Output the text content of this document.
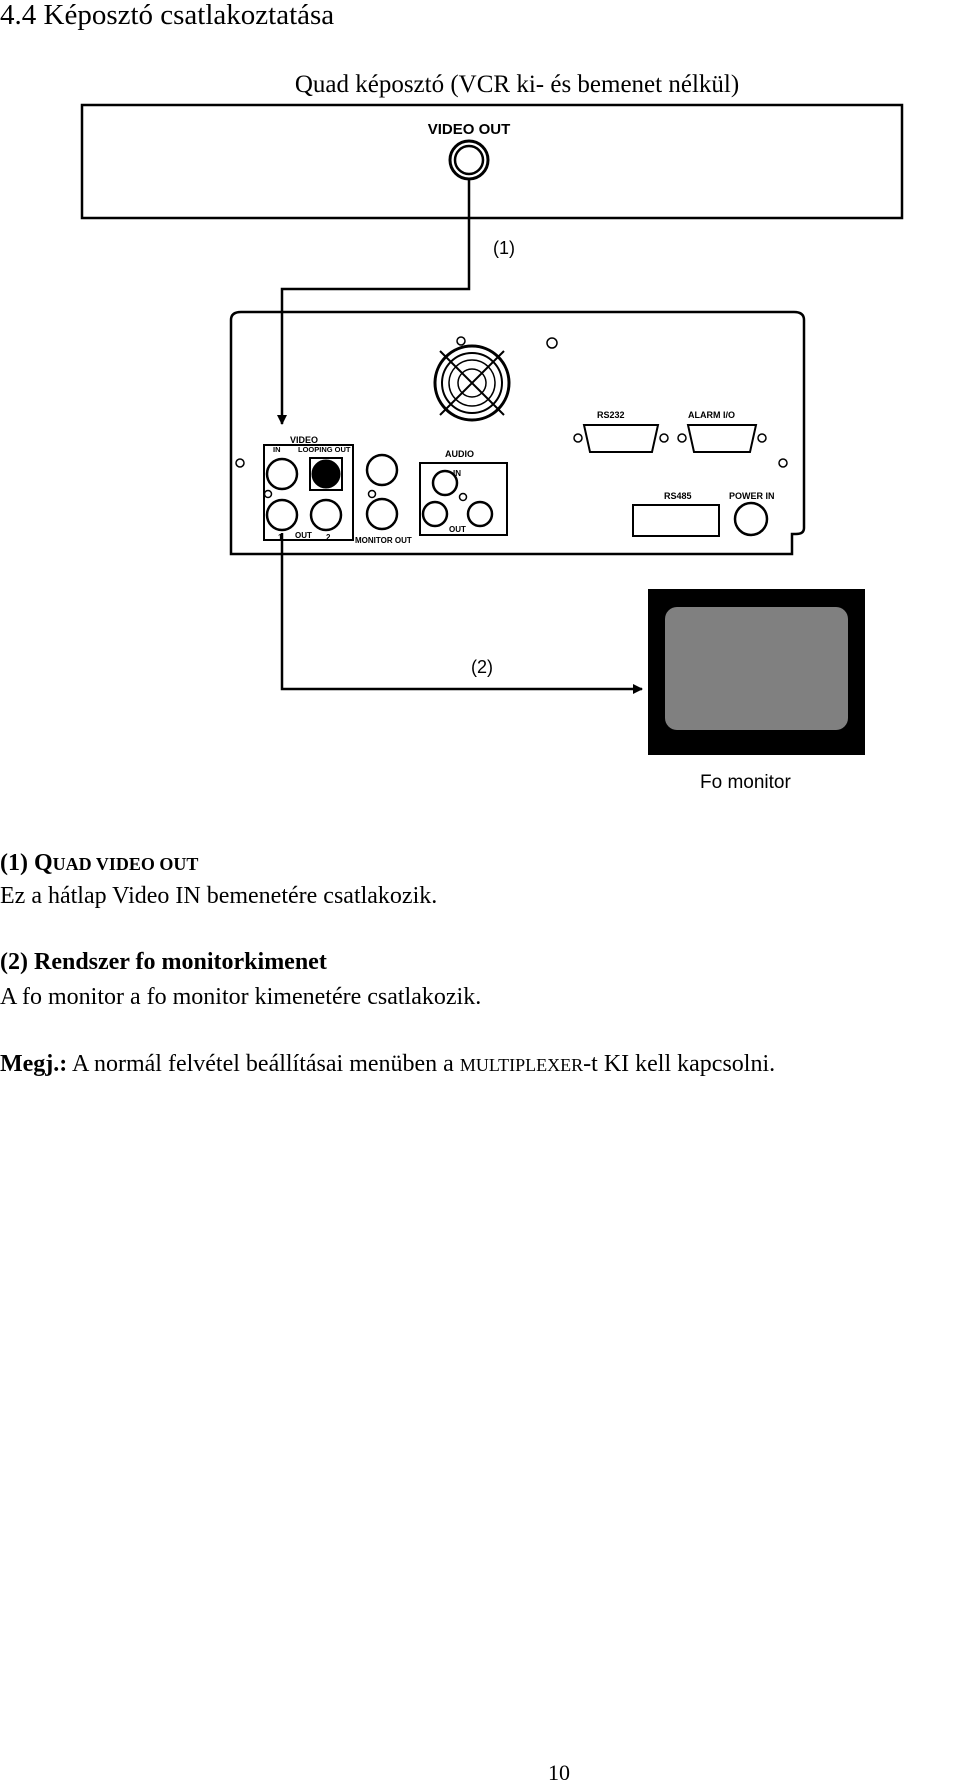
4.4 Képosztó csatlakoztatása
Quad képosztó (VCR ki- és bemenet nélkül)
VIDEO OUT
(1)
VIDEO
IN LOOPING OUT
1 OUT 2	MONITOR OUT
AUDIO
IN
OUT
RS232	ALARM I/O
RS485	POWER IN
(2)
Fo monitor

(1) QUAD VIDEO OUT

Ez a hátlap Video IN bemenetére csatlakozik.

(2) Rendszer fo monitorkimenet

A fo monitor a fo monitor kimenetére csatlakozik.

Megj.: A normál felvétel beállításai menüben a MULTIPLEXER-t KI kell kapcsolni.

10
